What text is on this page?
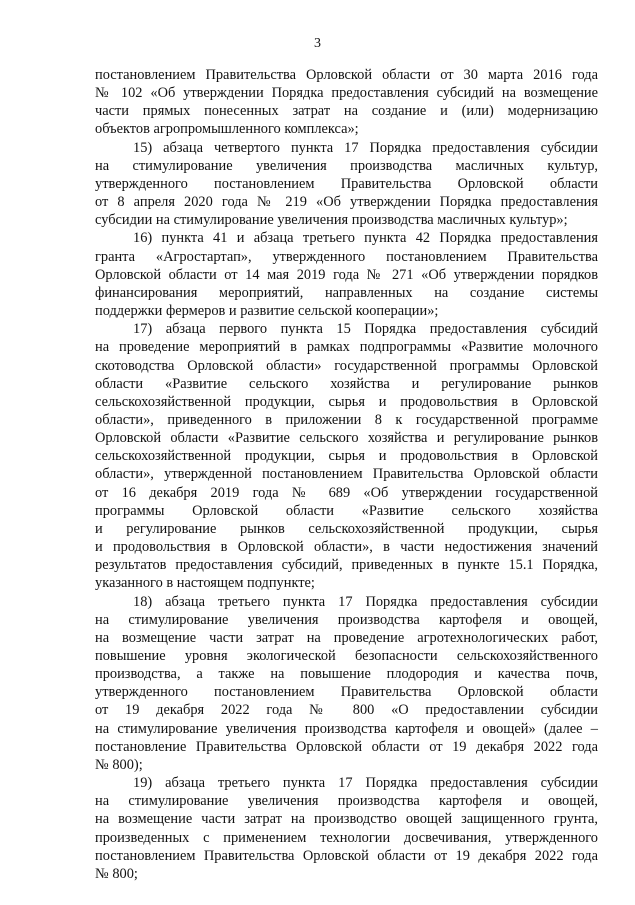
3
постановлением Правительства Орловской области от 30 марта 2016 года
№ 102 «Об утверждении Порядка предоставления субсидий на возмещение
части прямых понесенных затрат на создание и (или) модернизацию
объектов агропромышленного комплекса»;
15) абзаца четвертого пункта 17 Порядка предоставления субсидии
на стимулирование увеличения производства масличных культур,
утвержденного постановлением Правительства Орловской области
от 8 апреля 2020 года № 219 «Об утверждении Порядка предоставления
субсидии на стимулирование увеличения производства масличных культур»;
16) пункта 41 и абзаца третьего пункта 42 Порядка предоставления
гранта «Агростартап», утвержденного постановлением Правительства
Орловской области от 14 мая 2019 года № 271 «Об утверждении порядков
финансирования мероприятий, направленных на создание системы
поддержки фермеров и развитие сельской кооперации»;
17) абзаца первого пункта 15 Порядка предоставления субсидий
на проведение мероприятий в рамках подпрограммы «Развитие молочного
скотоводства Орловской области» государственной программы Орловской
области «Развитие сельского хозяйства и регулирование рынков
сельскохозяйственной продукции, сырья и продовольствия в Орловской
области», приведенного в приложении 8 к государственной программе
Орловской области «Развитие сельского хозяйства и регулирование рынков
сельскохозяйственной продукции, сырья и продовольствия в Орловской
области», утвержденной постановлением Правительства Орловской области
от 16 декабря 2019 года № 689 «Об утверждении государственной
программы Орловской области «Развитие сельского хозяйства
и регулирование рынков сельскохозяйственной продукции, сырья
и продовольствия в Орловской области», в части недостижения значений
результатов предоставления субсидий, приведенных в пункте 15.1 Порядка,
указанного в настоящем подпункте;
18) абзаца третьего пункта 17 Порядка предоставления субсидии
на стимулирование увеличения производства картофеля и овощей,
на возмещение части затрат на проведение агротехнологических работ,
повышение уровня экологической безопасности сельскохозяйственного
производства, а также на повышение плодородия и качества почв,
утвержденного постановлением Правительства Орловской области
от 19 декабря 2022 года № 800 «О предоставлении субсидии
на стимулирование увеличения производства картофеля и овощей» (далее –
постановление Правительства Орловской области от 19 декабря 2022 года
№ 800);
19) абзаца третьего пункта 17 Порядка предоставления субсидии
на стимулирование увеличения производства картофеля и овощей,
на возмещение части затрат на производство овощей защищенного грунта,
произведенных с применением технологии досвечивания, утвержденного
постановлением Правительства Орловской области от 19 декабря 2022 года
№ 800;
